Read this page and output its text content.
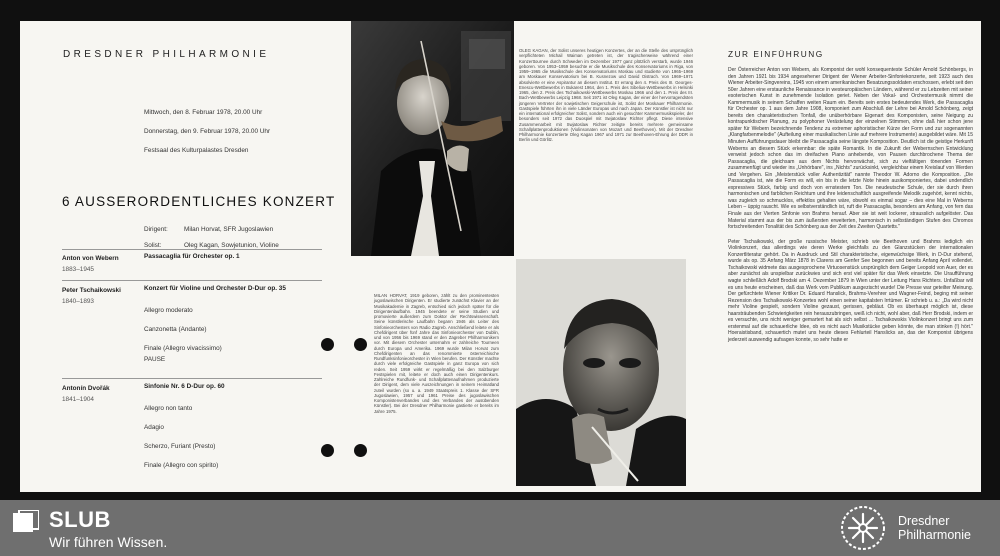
DRESDNER PHILHARMONIE
Mittwoch, den 8. Februar 1978, 20.00 Uhr
Donnerstag, den 9. Februar 1978, 20.00 Uhr
Festsaal des Kulturpalastes Dresden
6 AUSSERORDENTLICHES KONZERT
Dirigent:	Milan Horvat, SFR Jugoslawien
Solist:	Oleg Kagan, Sowjetunion, Violine
Anton von Webern
1883–1945
Passacaglia für Orchester op. 1
Peter Tschaikowski
1840–1893
Konzert für Violine und Orchester D-Dur op. 35
Allegro moderato
Canzonetta (Andante)
Finale (Allegro vivacissimo)
PAUSE
Antonín Dvořák
1841–1904
Sinfonie Nr. 6 D-Dur op. 60
Allegro non tanto
Adagio
Scherzo, Furiant (Presto)
Finale (Allegro con spirito)
OLEG KAGAN, der Solist unseres heutigen Konzertes, der an die Stelle des ursprünglich verpflichteten Michail Waiman getreten ist, der tragischerweise während einer Konzerttournee durch Schweden im Dezember 1977 ganz plötzlich verstarb, wurde 1946 geboren. Von 1953–1959 besuchte er die Musikschule des Konservatoriums in Riga, von 1959–1965 die Musikschule des Konservatoriums Moskau und studierte von 1965–1969 am Moskauer Konservatorium bei B. Kusnezow und David Oistrach. Von 1969–1971 absolvierte er eine Aspirantur an diesem Institut. Er errang den 4. Preis des III. Georges-Enescu-Wettbewerbs in Bukarest 1964, den 1. Preis des Sibelius-Wettbewerbs in Helsinki 1965, den 2. Preis des Tschaikowski-Wettbewerbs Moskau 1966 und den 1. Preis des III. Bach-Wettbewerbs Leipzig 1968. Seit 1971 ist Oleg Kagan, der einer der hervorragendsten jüngeren Vertreter der sowjetischen Geigerschule ist, Solist der Moskauer Philharmonie. Gastspiele führten ihn in viele Länder Europas und nach Japan. Der Künstler ist nicht nur ein international erfolgreicher Solist, sondern auch ein gesuchter Kammermusikspieler, der besonders seit 1972 das Duospiel mit Swjatoslaw Richter pflegt. Diese intensive Zusammenarbeit mit Swjatoslaw Richter zeitigte bereits mehrere gemeinsame Schallplattenproduktionen (Violinsonaten von Mozart und Beethoven). Mit der Dresdner Philharmonie konzertierte Oleg Kagan 1967 und 1971 zur Beethoven-Ehrung der DDR in Berlin und Görlitz.
MILAN HORVAT, 1919 geboren, zählt zu den prominentesten jugoslawischen Dirigenten. Er studierte zunächst Klavier an der Musikakademie in Zagreb, entschied sich jedoch später für die Dirigentenlaufbahn. 1945 beendete er seine Studien und promovierte außerdem zum Doktor der Rechtswissenschaft. Seine künstlerische Laufbahn begann 1946 als Leiter des Sinfonieorchesters von Radio Zagreb. Anschließend leitete er als Chefdirigent über fünf Jahre das Sinfonieorchester von Dublin, und von 1956 bis 1969 stand er den Zagreber Philharmonikern vor. Mit diesem Orchester unternahm er zahlreiche Tourneen durch Europa und Amerika. 1969 wurde Milan Horvat zum Chefdirigenten an das renommierte österreichische Rundfunksinfonieorchester in Wien berufen. Der Künstler machte durch viele erfolgreiche Gastspiele in ganz Europa von sich reden. Seit 1959 wirkt er regelmäßig bei den Salzburger Festspielen mit, leitete er doch auch einen Dirigentenkurs. Zahlreiche Rundfunk- und Schallplattenaufnahmen produzierte der Dirigent, dem viele Auszeichnungen in seinem Heimatland zuteil wurden (so u. a. 1949 Staatspreis 1. Klasse der SFR Jugoslawien, 1957 und 1961 Preise des jugoslawischen Komponistenverbandes und des Verbandes der ausübenden Künstler). Bei der Dresdner Philharmonie gastierte er bereits im Jahre 1975.
ZUR EINFÜHRUNG
Der Österreicher Anton von Webern, als Komponist der wohl konsequenteste Schüler Arnold Schönbergs, in den Jahren 1921 bis 1934 angesehener Dirigent der Wiener Arbeiter-Sinfoniekonzerte, seit 1923 auch des Wiener Arbeiter-Singvereins, 1945 von einem amerikanischen Besatzungssoldaten erschossen, erlebt seit den 50er Jahren eine erstaunliche Renaissance in westeuropäischen Ländern, während er zu Lebzeiten mit seiner esoterischen Kunst in zunehmende Isolation geriet. Neben der Vokal- und Orchestermusik nimmt die Kammermusik in seinem Schaffen weiten Raum ein. Bereits sein erstes bedeutendes Werk, die Passacaglia für Orchester op. 1 aus dem Jahre 1908, komponiert zum Abschluß der Lehre bei Arnold Schönberg, zeigt bereits den charakteristischen Tonfall, die unüberhörbare Eigenart des Komponisten, seine Neigung zu kontrapunktischer Planung, zu polyphoner Verästelung der einzelnen Stimmen, ohne daß hier schon jene später für Webern bezeichnende Tendenz zu extremer aphoristischer Kürze der Form und zur sogenannten „Klangfarbenmelodie" (Aufteilung einer musikalischen Linie auf mehrere Instrumente) ausgebildet wäre. Mit 15 Minuten Aufführungsdauer bleibt die Passacaglia seine längste Komposition. Deutlich ist die geistige Herkunft Weberns an diesem Stück erkennbar: die späte Romantik. In die Zukunft der Webernschen Entwicklung verweist jedoch schon das im dreifachen Piano anhebende, von Pausen durchbrochene Thema der Passacaglia, die gleichsam aus dem Nichts hervorwächst, sich zu vielfältigen tönenden Formen zusammenfügt und wieder ins „Unhörbare", ins „Nichts" zurücksinkt, vergleichbar einem Kreislauf von Werden und Vergehen. Ein „Meisterstück voller Authentizität" nannte Theodor W. Adorno die Komposition. „Die Passacaglia ist, wie die Form es will, ein bis in die letzte Note hinein ausikomponiertes, dabei undendlich expressives Stück, farbig und doch von ernstestem Ton. Die neudeutsche Schule, der sie durch ihren harmonischen und farblichen Reichtum und ihre leidenschaftlich ausgreifende Melodik zugehört, kennt nichts, was zugleich so schmucklos, effektlos gehalten wäre, obwohl es einmal sogar – dies eine Mal in Weberns Leben – üppig rauscht. Wie es selbstverständlich ist, ruft die Passacaglia, besonders am Anfang, von fern das Finale aus der Vierten Sinfonie von Brahms herauf. Aber sie ist weit lockerer, strausslich aufgelöster. Das Material stammt aus der bis zum äußersten erweiterten, harmonisch in selbständigen Stufen des Chromos fortschreitenden Tonalität des Schönberg aus der Zeit des Zweiten Quartetts."
Peter Tschaikowski, der große russische Meister, schrieb wie Beethoven und Brahms lediglich ein Violinkonzert, das allerdings wie deren Werke gleichfalls zu den Glanzstücken der internationalen Konzertliteratur gehört. Da in Ausdruck und Stil charakteristische, eigenwüchsige Werk, in D-Dur stehend, wurde als op. 35 Anfang März 1878 in Clarens am Genfer See begonnen und bereits Anfang April vollendet. Tschaikowski widmete das ausgesprochene Virtuosenstück ursprünglich dem Geiger Leopold von Auer, der es aber zunächst als unspielbar zurückwies und sich erst viel später für das Werk einsetzte. Die Uraufführung wagte schließlich Adolf Brodski am 4. Dezember 1879 in Wien unter der Leitung Hans Richters. Unfaßbar will es uns heute erscheinen, daß das Werk vom Publikum ausgezischt wurde! Die Presse war geteilter Meinung. Der gefürchtete Wiener Kritiker Dr. Eduard Hanslick, Brahms-Verehrer und Wagner-Feind, beging mit seiner Rezension des Tschaikowski-Konzertes wohl einen seiner kapitalsten Irrtümer. Er schrieb u. a.: „Da wird nicht mehr Violine gespielt, sondern Violine gezaust, gerissen, gebläut. Ob es überhaupt möglich ist, diese haarsträubenden Schwierigkeiten rein herauszubringen, weiß ich nicht, wohl aber, daß Herr Brodski, indem er es versuchte, uns nicht weniger gemartert hat als sich selbst ... Tschaikowskis Violinkonzert bringt uns zum erstenmal auf die schauerliche Idee, ob es nicht auch Musikstücke geben könnte, die man stinken (!) hört." Hoeraistisband, schauertich mutet uns heute dieses Fehlurteil Hanslicks an, das der Komponist übrigens jederzeit auswendig aufsagen konnte, so sehr hatte er
SLUB
Wir führen Wissen.
Dresdner
Philharmonie
